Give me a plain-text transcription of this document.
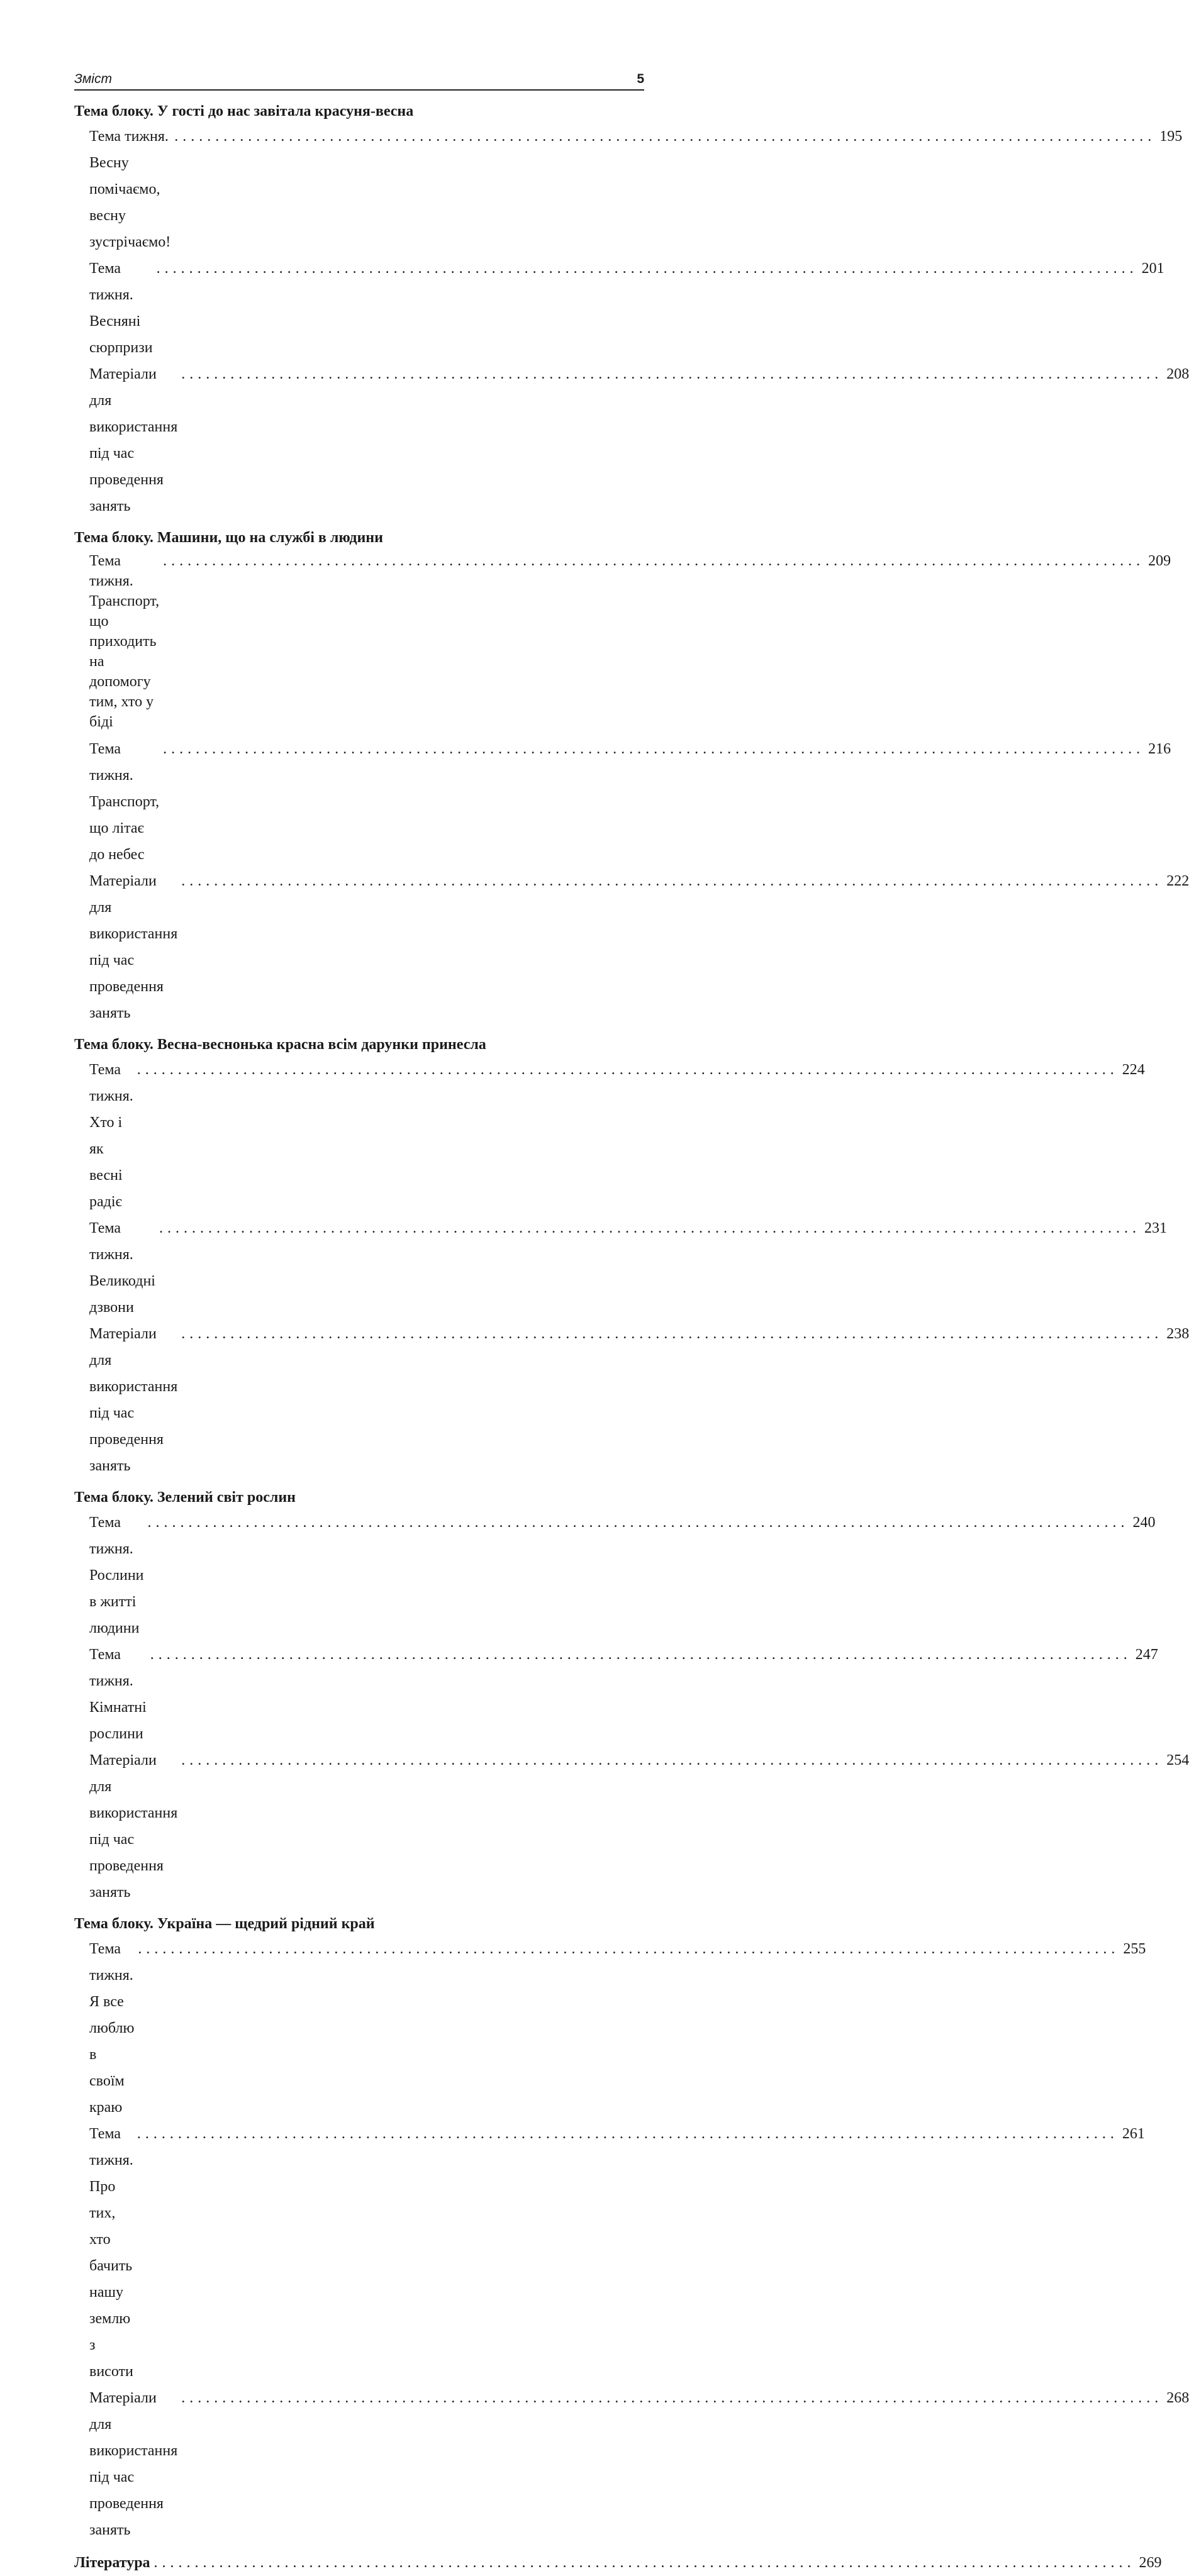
Зміст	5
Тема блоку. У гості до нас завітала красуня-весна
Тема тижня. Весну помічаємо, весну зустрічаємо!
........................................................................................................................ 195
Тема тижня. Весняні сюрпризи
........................................................................................................................ 201
Матеріали для використання під час проведення занять
........................................................................................................................ 208
Тема блоку. Машини, що на службі в людини
Тема тижня. Транспорт, що приходить на допомогу тим, хто у біді
........................................................................................................................ 209
Тема тижня. Транспорт, що літає до небес
........................................................................................................................ 216
Матеріали для використання під час проведення занять
........................................................................................................................ 222
Тема блоку. Весна-веснонька красна всім дарунки принесла
Тема тижня. Хто і як весні радіє
........................................................................................................................ 224
Тема тижня. Великодні дзвони
........................................................................................................................ 231
Матеріали для використання під час проведення занять
........................................................................................................................ 238
Тема блоку. Зелений світ рослин
Тема тижня. Рослини в житті людини
........................................................................................................................ 240
Тема тижня. Кімнатні рослини
........................................................................................................................ 247
Матеріали для використання під час проведення занять
........................................................................................................................ 254
Тема блоку. Україна — щедрий рідний край
Тема тижня. Я все люблю в своїм краю
........................................................................................................................ 255
Тема тижня. Про тих, хто бачить нашу землю з висоти
........................................................................................................................ 261
Матеріали для використання під час проведення занять
........................................................................................................................ 268
Література ........................................................................................................................ 269
